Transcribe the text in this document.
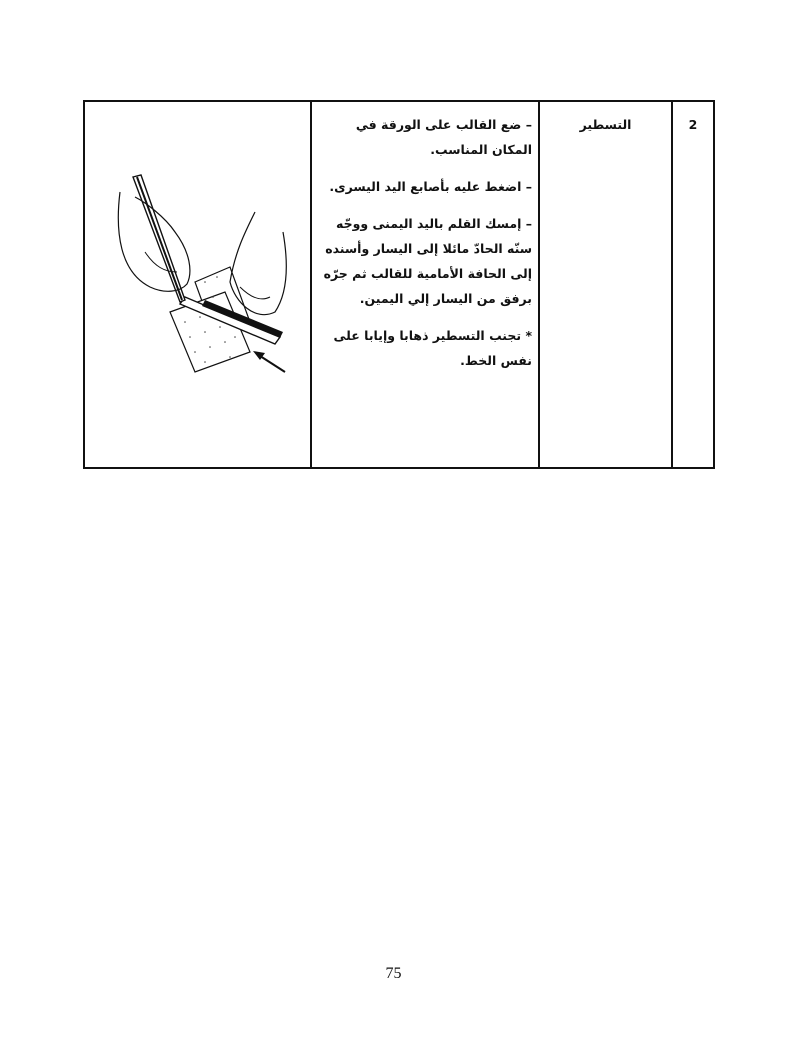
– ضع القالب على الورقة في المكان المناسب.

– اضغط عليه بأصابع اليد اليسرى.

– إمسك القلم باليد اليمنى ووجّه سنّه الحادّ مائلا إلى اليسار وأسنده إلى الحافة الأمامية للقالب ثم جرّه برفق من اليسار إلي اليمين.

* تجنب التسطير ذهابا وإيابا على نفس الخط.

التسطير	2
75
